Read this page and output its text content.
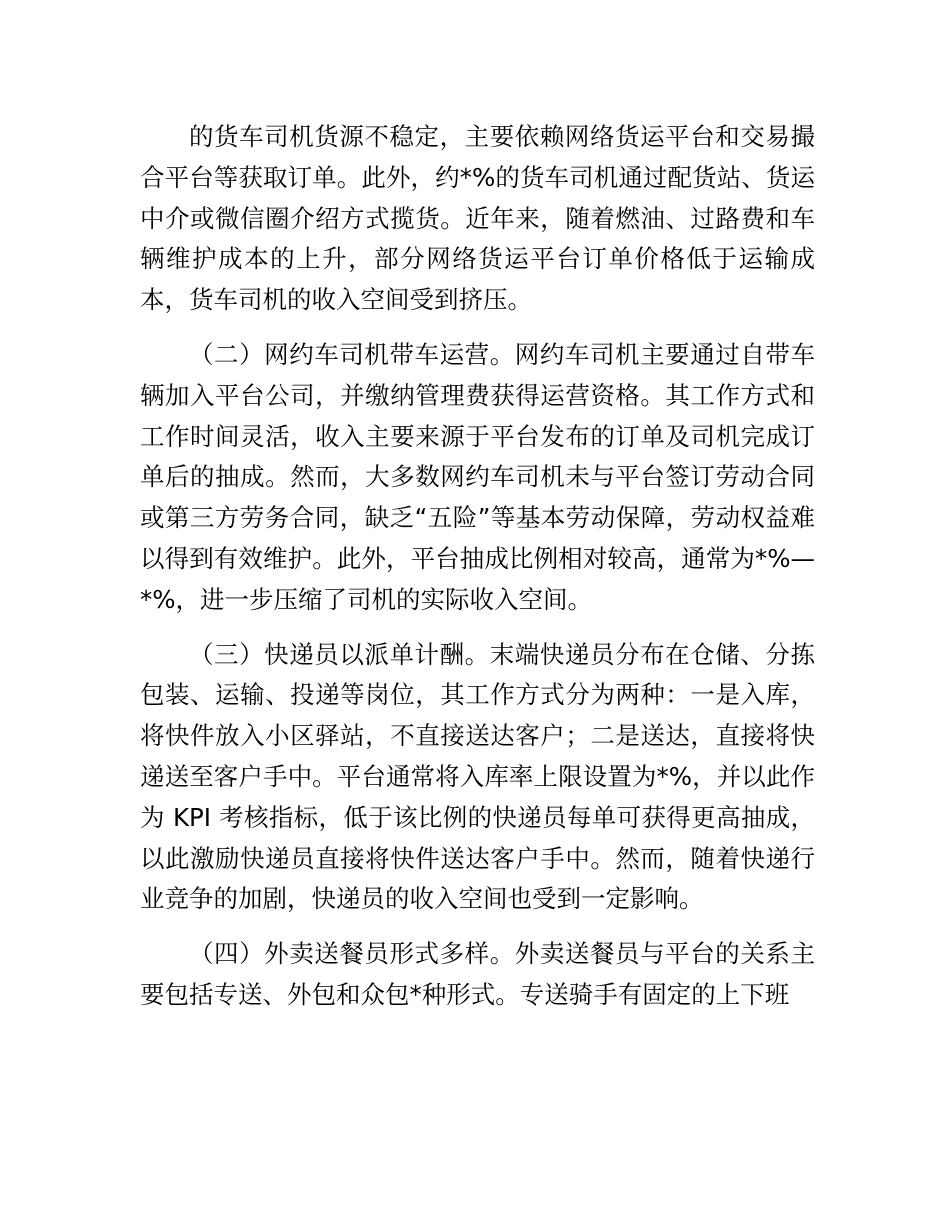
的货车司机货源不稳定，主要依赖网络货运平台和交易撮合平台等获取订单。此外，约*%的货车司机通过配货站、货运中介或微信圈介绍方式揽货。近年来，随着燃油、过路费和车辆维护成本的上升，部分网络货运平台订单价格低于运输成本，货车司机的收入空间受到挤压。

（二）网约车司机带车运营。网约车司机主要通过自带车辆加入平台公司，并缴纳管理费获得运营资格。其工作方式和工作时间灵活，收入主要来源于平台发布的订单及司机完成订单后的抽成。然而，大多数网约车司机未与平台签订劳动合同或第三方劳务合同，缺乏“五险”等基本劳动保障，劳动权益难以得到有效维护。此外，平台抽成比例相对较高，通常为*%—*%，进一步压缩了司机的实际收入空间。

（三）快递员以派单计酬。末端快递员分布在仓储、分拣包装、运输、投递等岗位，其工作方式分为两种：一是入库，将快件放入小区驿站，不直接送达客户；二是送达，直接将快递送至客户手中。平台通常将入库率上限设置为*%，并以此作为 KPI 考核指标，低于该比例的快递员每单可获得更高抽成，以此激励快递员直接将快件送达客户手中。然而，随着快递行业竞争的加剧，快递员的收入空间也受到一定影响。

（四）外卖送餐员形式多样。外卖送餐员与平台的关系主要包括专送、外包和众包*种形式。专送骑手有固定的上下班
